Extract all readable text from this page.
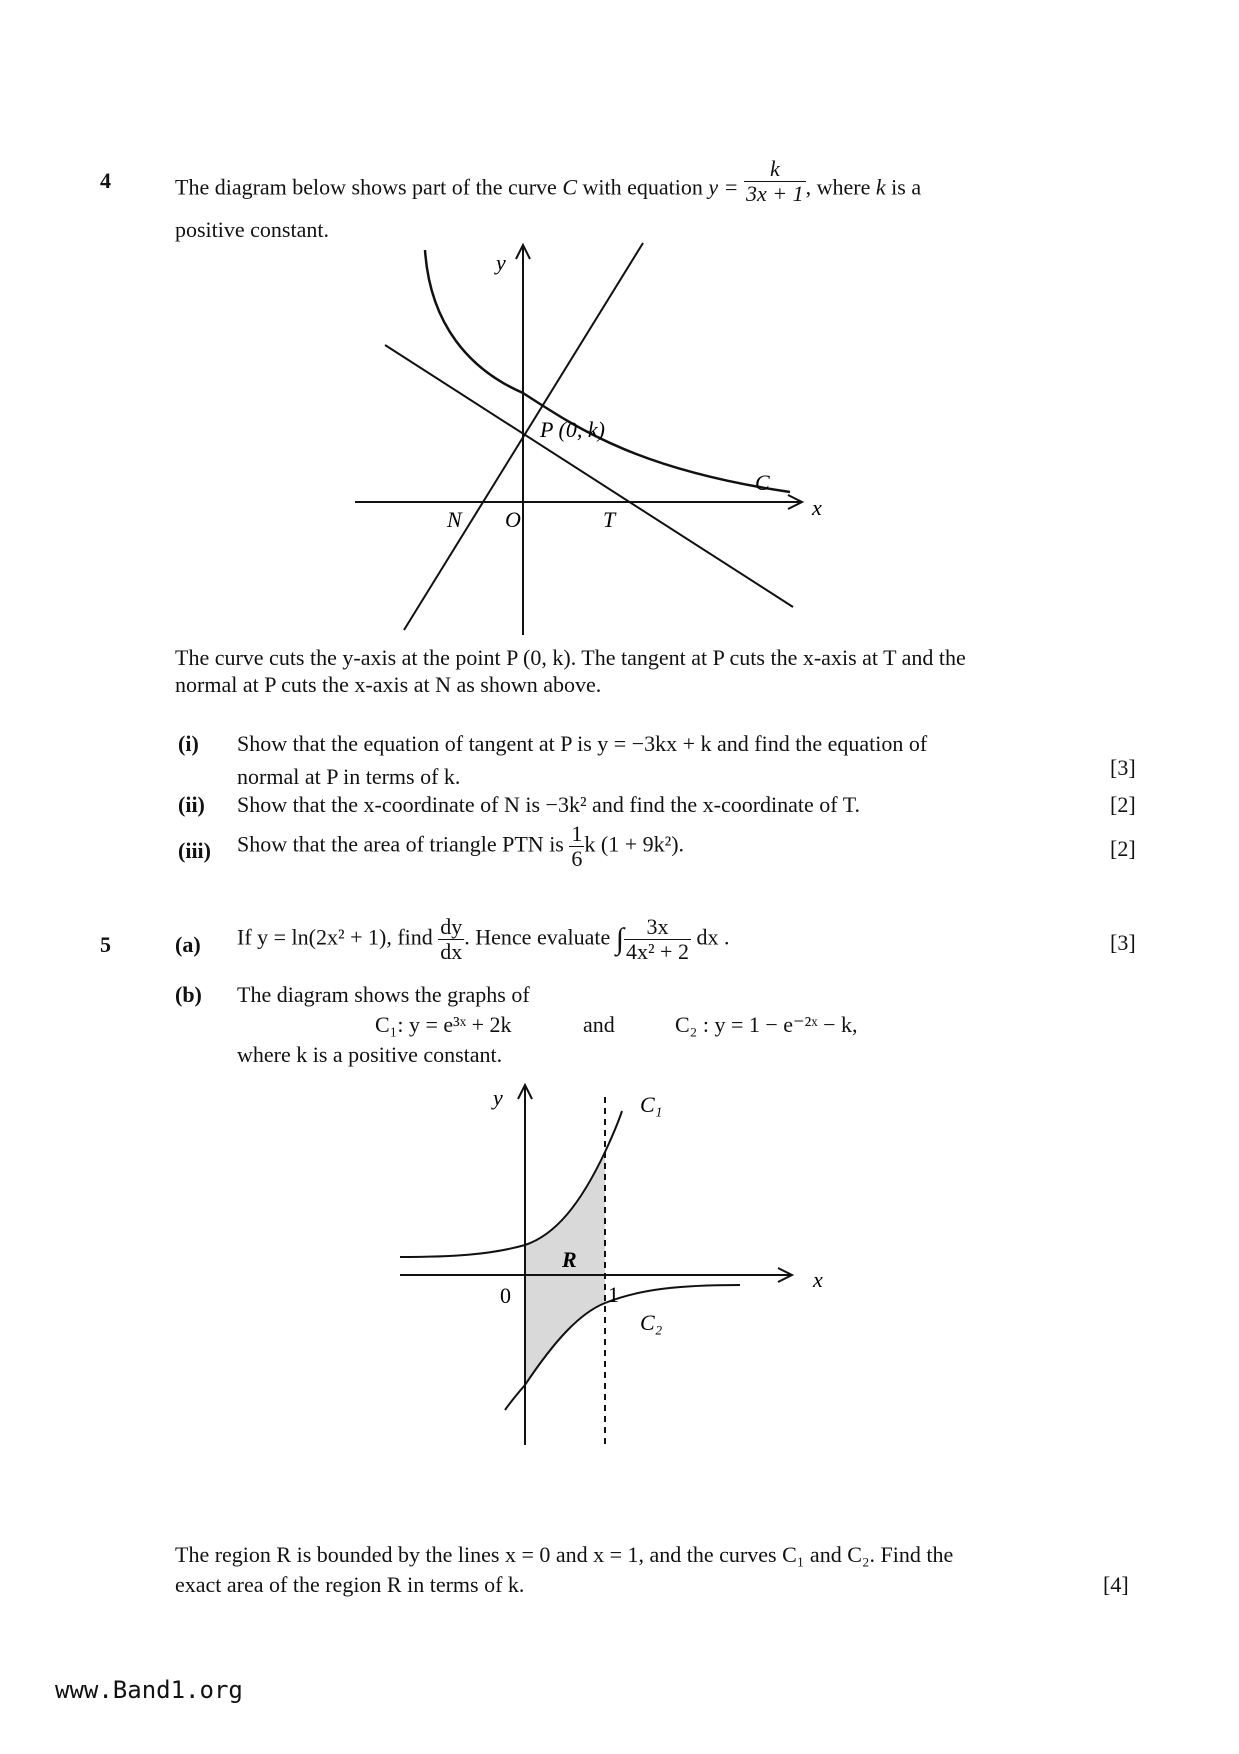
4	The diagram below shows part of the curve C with equation $y = \frac{k}{3x + 1}$ , where k is a
positive constant.
y
x
P (0, k)
C
N O	T
The curve cuts the y-axis at the point P (0, k). The tangent at P cuts the x-axis at T and the
normal at P cuts the x-axis at N as shown above.
(i) Show that the equation of tangent at P is y = −3kx + k and find the equation of
normal at P in terms of k.	[3]
(ii) Show that the x-coordinate of N is −3k² and find the x-coordinate of T.	[2]
(iii) Show that the area of triangle PTN is $\frac{1}{6}$ k (1 + 9k²).	[2]
5	(a) If y = ln(2x² + 1), find $\frac{dy}{dx}$ . Hence evaluate ∫ $\frac{3x}{\text{4x² + 2}}$ dx .	[3]
(b) The diagram shows the graphs of
C₁: y = e³ˣ + 2k	and	C₂ : y = 1 − e⁻²ˣ − k,
where k is a positive constant.
y
x
C₁
C₂
R
0	1
The region R is bounded by the lines x = 0 and x = 1, and the curves C₁ and C₂. Find the
exact area of the region R in terms of k.	[4]
www.Band1.org
